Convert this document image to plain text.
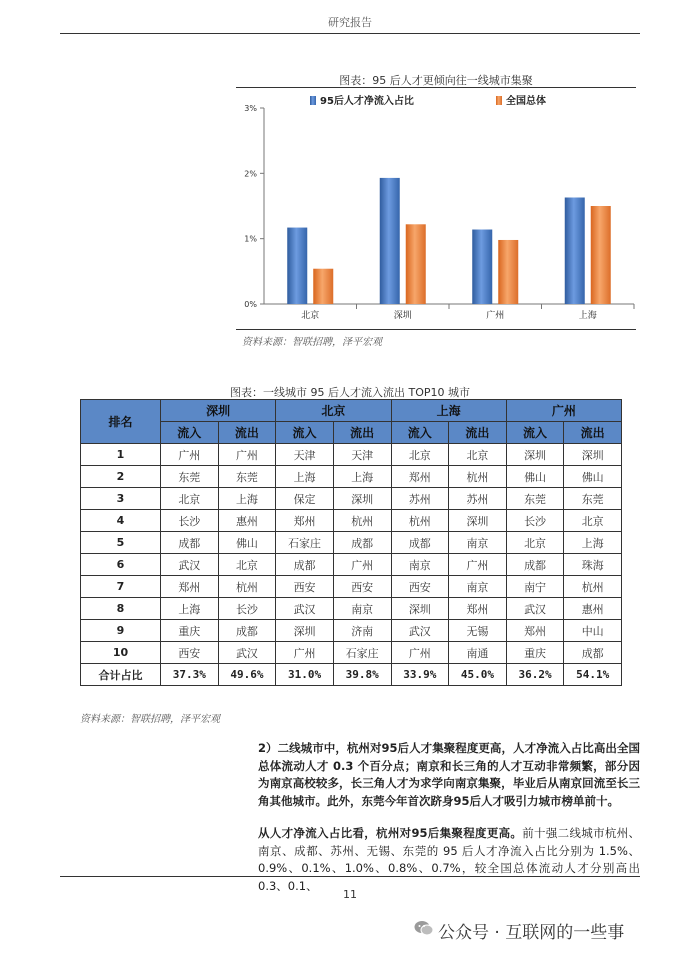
研究报告
图表：95 后人才更倾向往一线城市集聚
0%
1%
2%
3%
北京	深圳	广州	上海
95后人才净流入占比	全国总体
资料来源：智联招聘，泽平宏观
图表：一线城市 95 后人才流入流出 TOP10 城市
排名	深圳		北京		上海		广州	
	流入	流出	流入	流出	流入	流出	流入	流出
1	广州	广州	天津	天津	北京	北京	深圳	深圳
2	东莞	东莞	上海	上海	郑州	杭州	佛山	佛山
3	北京	上海	保定	深圳	苏州	苏州	东莞	东莞
4	长沙	惠州	郑州	杭州	杭州	深圳	长沙	北京
5	成都	佛山	石家庄	成都	成都	南京	北京	上海
6	武汉	北京	成都	广州	南京	广州	成都	珠海
7	郑州	杭州	西安	西安	西安	南京	南宁	杭州
8	上海	长沙	武汉	南京	深圳	郑州	武汉	惠州
9	重庆	成都	深圳	济南	武汉	无锡	郑州	中山
10	西安	武汉	广州	石家庄	广州	南通	重庆	成都
合计占比	37.3%	49.6%	31.0%	39.8%	33.9%	45.0%	36.2%	54.1%
资料来源：智联招聘，泽平宏观
2）二线城市中，杭州对95后人才集聚程度更高，人才净流入占比高出全国总体流动人才 0.3 个百分点；南京和长三角的人才互动非常频繁，部分因为南京高校较多，长三角人才为求学向南京集聚，毕业后从南京回流至长三角其他城市。此外，东莞今年首次跻身95后人才吸引力城市榜单前十。
从人才净流入占比看，杭州对95后集聚程度更高。前十强二线城市杭州、南京、成都、苏州、无锡、东莞的 95 后人才净流入占比分别为 1.5%、0.9%、0.1%、1.0%、0.8%、0.7%，较全国总体流动人才分别高出 0.3、0.1、
11
公众号 · 互联网的一些事
